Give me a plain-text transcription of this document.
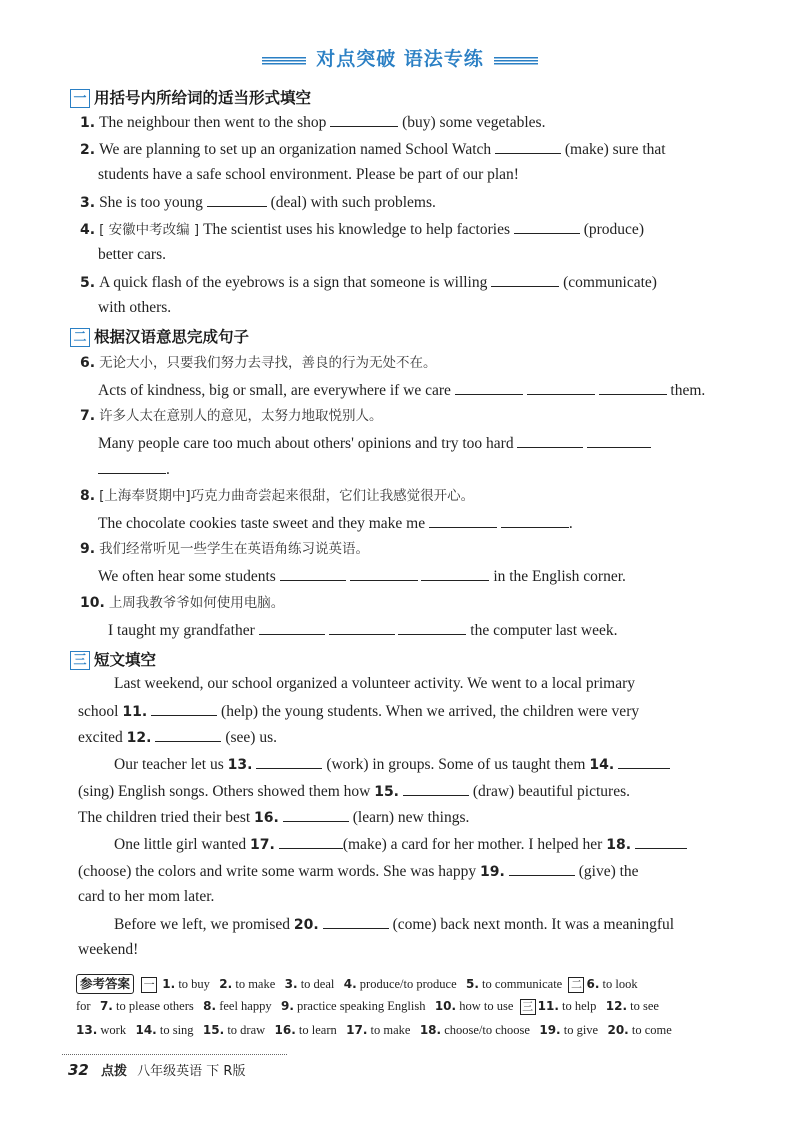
对点突破 语法专练
一 用括号内所给词的适当形式填空
1. The neighbour then went to the shop	(buy) some vegetables.
2. We are planning to set up an organization named School Watch	(make) sure that
students have a safe school environment. Please be part of our plan!
3. She is too young	(deal) with such problems.
4. [ 安徽中考改编 ] The scientist uses his knowledge to help factories	(produce)
better cars.
5. A quick flash of the eyebrows is a sign that someone is willing	(communicate)
with others.
二 根据汉语意思完成句子
6. 无论大小，只要我们努力去寻找，善良的行为无处不在。
Acts of kindness, big or small, are everywhere if we care	them.
7. 许多人太在意别人的意见，太努力地取悦别人。
Many people care too much about others' opinions and try too hard
.
8. [上海奉贤期中]巧克力曲奇尝起来很甜，它们让我感觉很开心。
The chocolate cookies taste sweet and they make me	.
9. 我们经常听见一些学生在英语角练习说英语。
We often hear some students	in the English corner.
10. 上周我教爷爷如何使用电脑。
I taught my grandfather	the computer last week.
三 短文填空
Last weekend, our school organized a volunteer activity. We went to a local primary
school 11.	(help) the young students. When we arrived, the children were very
excited 12.	(see) us.
Our teacher let us 13.	(work) in groups. Some of us taught them 14.
(sing) English songs. Others showed them how 15.	(draw) beautiful pictures.
The children tried their best 16.	(learn) new things.
One little girl wanted 17.	(make) a card for her mother. I helped her 18.
(choose) the colors and write some warm words. She was happy 19.	(give) the
card to her mom later.
Before we left, we promised 20.	(come) back next month. It was a meaningful
weekend!
参考答案 一 1. to buy 2. to make 3. to deal 4. produce/to produce 5. to communicate 二 6. to look
for 7. to please others 8. feel happy 9. practice speaking English 10. how to use 三 11. to help 12. to see
13. work 14. to sing 15. to draw 16. to learn 17. to make 18. choose/to choose 19. to give 20. to come
32 点拨 八年级英语 下 R版
